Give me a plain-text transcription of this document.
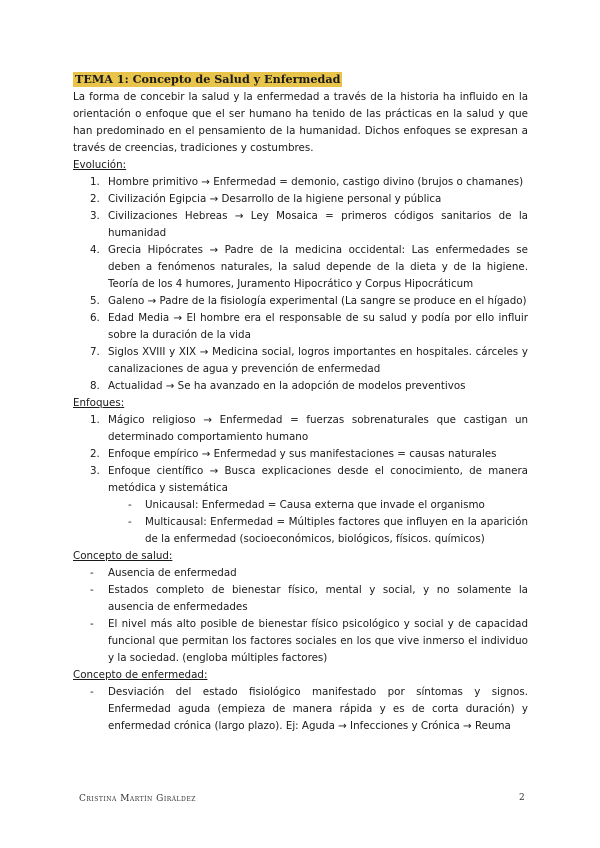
TEMA 1: Concepto de Salud y Enfermedad

La forma de concebir la salud y la enfermedad a través de la historia ha influido en la orientación o enfoque que el ser humano ha tenido de las prácticas en la salud y que han predominado en el pensamiento de la humanidad. Dichos enfoques se expresan a través de creencias, tradiciones y costumbres.

Evolución:

1. Hombre primitivo → Enfermedad = demonio, castigo divino (brujos o chamanes)
2. Civilización Egipcia → Desarrollo de la higiene personal y pública
3. Civilizaciones Hebreas → Ley Mosaica = primeros códigos sanitarios de la humanidad
4. Grecia Hipócrates → Padre de la medicina occidental: Las enfermedades se deben a fenómenos naturales, la salud depende de la dieta y de la higiene. Teoría de los 4 humores, Juramento Hipocrático y Corpus Hipocráticum
5. Galeno → Padre de la fisiología experimental (La sangre se produce en el hígado)
6. Edad Media → El hombre era el responsable de su salud y podía por ello influir sobre la duración de la vida
7. Siglos XVIII y XIX → Medicina social, logros importantes en hospitales. cárceles y canalizaciones de agua y prevención de enfermedad
8. Actualidad → Se ha avanzado en la adopción de modelos preventivos

Enfoques:

1. Mágico religioso → Enfermedad = fuerzas sobrenaturales que castigan un determinado comportamiento humano
2. Enfoque empírico → Enfermedad y sus manifestaciones = causas naturales
3. Enfoque científico → Busca explicaciones desde el conocimiento, de manera metódica y sistemática
- Unicausal: Enfermedad = Causa externa que invade el organismo
- Multicausal: Enfermedad = Múltiples factores que influyen en la aparición de la enfermedad (socioeconómicos, biológicos, físicos. químicos)

Concepto de salud:

- Ausencia de enfermedad
- Estados completo de bienestar físico, mental y social, y no solamente la ausencia de enfermedades
- El nivel más alto posible de bienestar físico psicológico y social y de capacidad funcional que permitan los factores sociales en los que vive inmerso el individuo y la sociedad. (engloba múltiples factores)

Concepto de enfermedad:

- Desviación del estado fisiológico manifestado por síntomas y signos. Enfermedad aguda (empieza de manera rápida y es de corta duración) y enfermedad crónica (largo plazo). Ej: Aguda → Infecciones y Crónica → Reuma
Cristina Martín Giráldez	2
